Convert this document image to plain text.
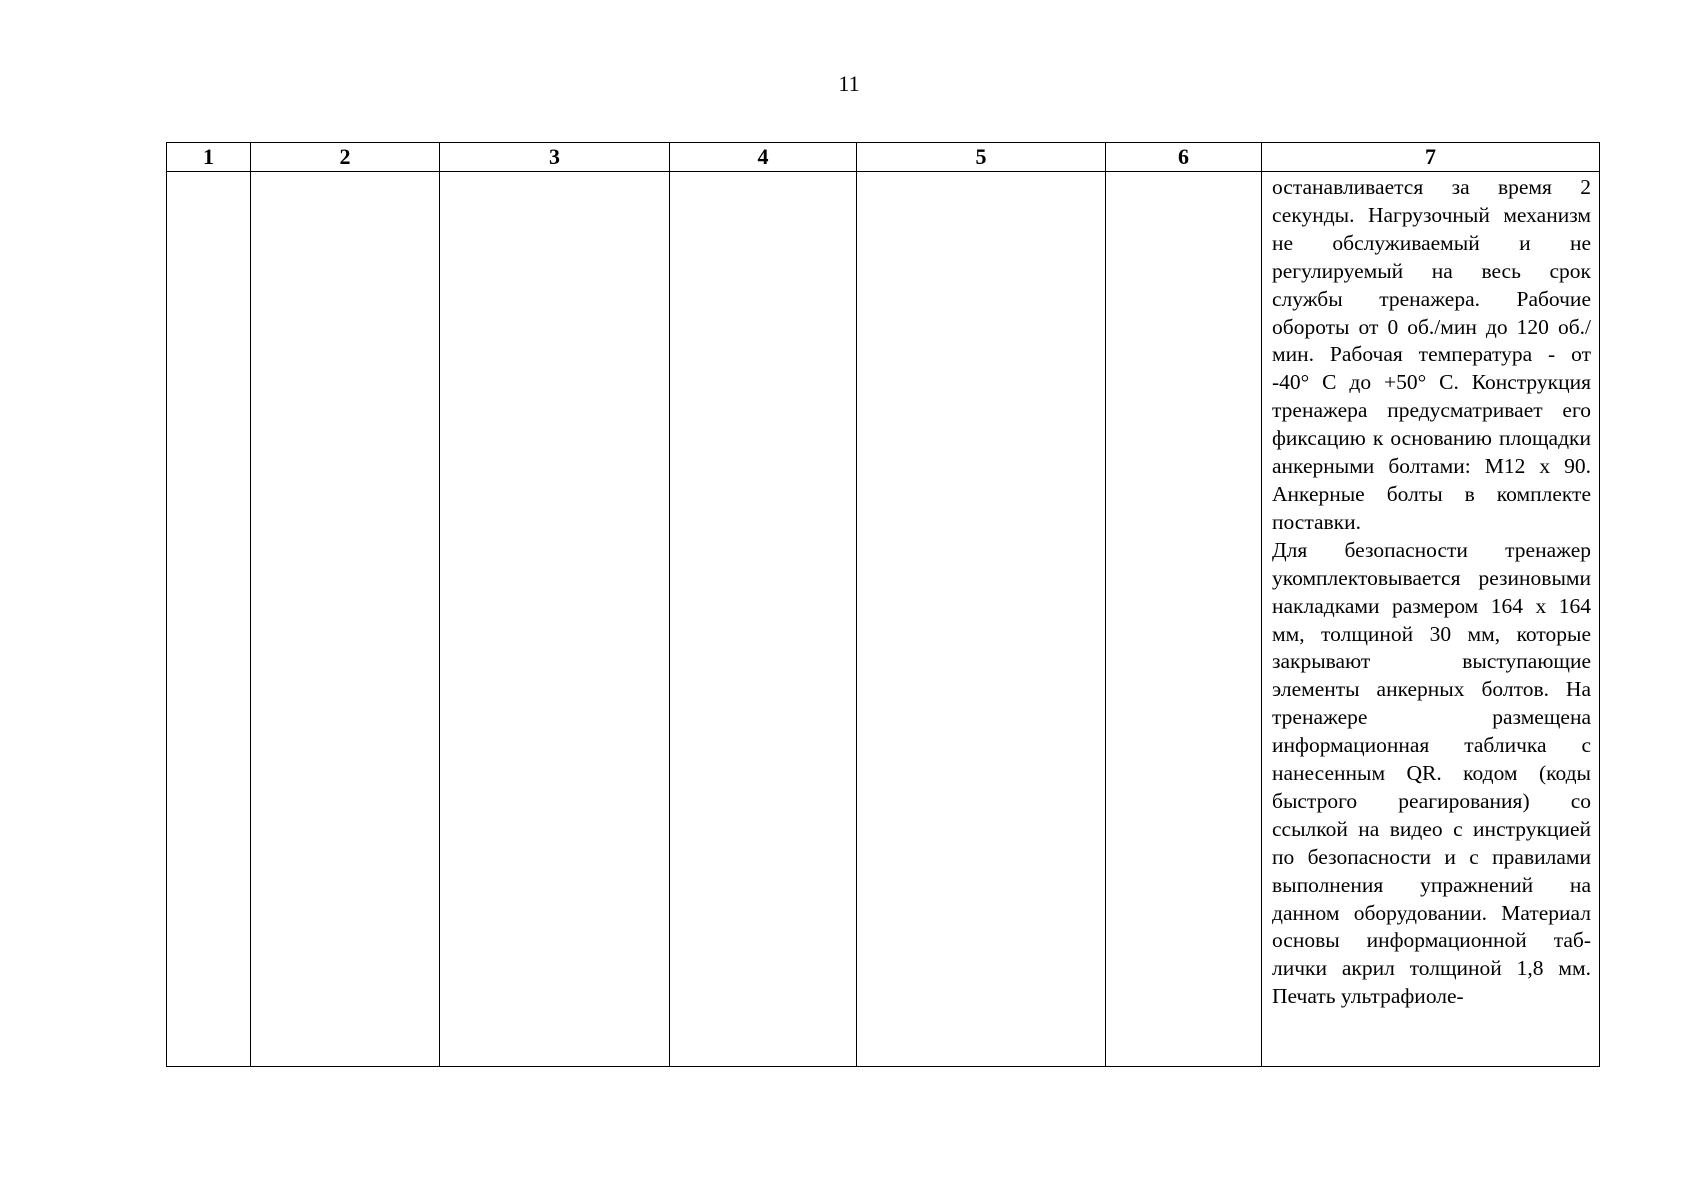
11
1	2	3	4	5	6	7

						останавливается за время 2 секунды. Нагрузочный механизм не обслуживаемый и не регулируемый на весь срок службы тренажера. Рабочие обороты от 0 об./мин до 120 об./мин. Рабочая температура - от -40° С до +50° С. Конструкция тренажера предусматривает его фиксацию к основанию площадки анкерными болтами: М12 х 90. Анкерные болты в комплекте поставки.

Для безопасности тренажер укомплектовывается резиновыми накладками размером 164 х 164 мм, толщиной 30 мм, которые закрывают выступающие элементы анкерных болтов. На тренажере размещена информационная табличка с нанесенным QR. кодом (коды быстрого реагирования) со ссылкой на видео с инструкцией по безопасности и с правилами выполнения упражнений на данном оборудовании. Материал основы информационной таблички акрил толщиной 1,8 мм. Печать ультрафиоле-
